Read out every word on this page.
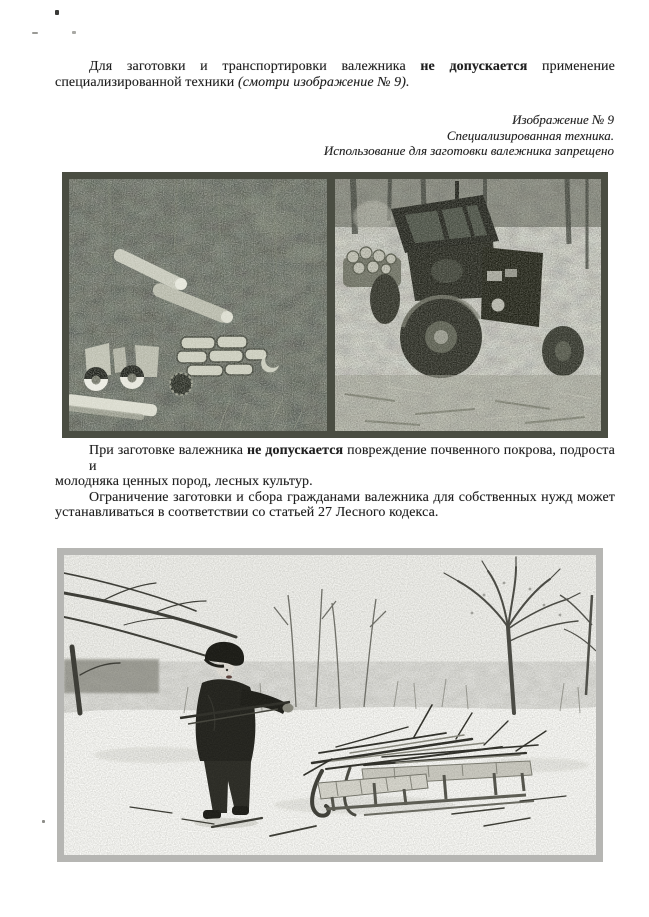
Для заготовки и транспортировки валежника не допускается применение
специализированной техники (смотри изображение № 9).
Изображение № 9
Специализированная техника.
Использование для заготовки валежника запрещено
При заготовке валежника не допускается повреждение почвенного покрова, подроста и
молодняка ценных пород, лесных культур.
Ограничение заготовки и сбора гражданами валежника для собственных нужд может
устанавливаться в соответствии со статьей 27 Лесного кодекса.
